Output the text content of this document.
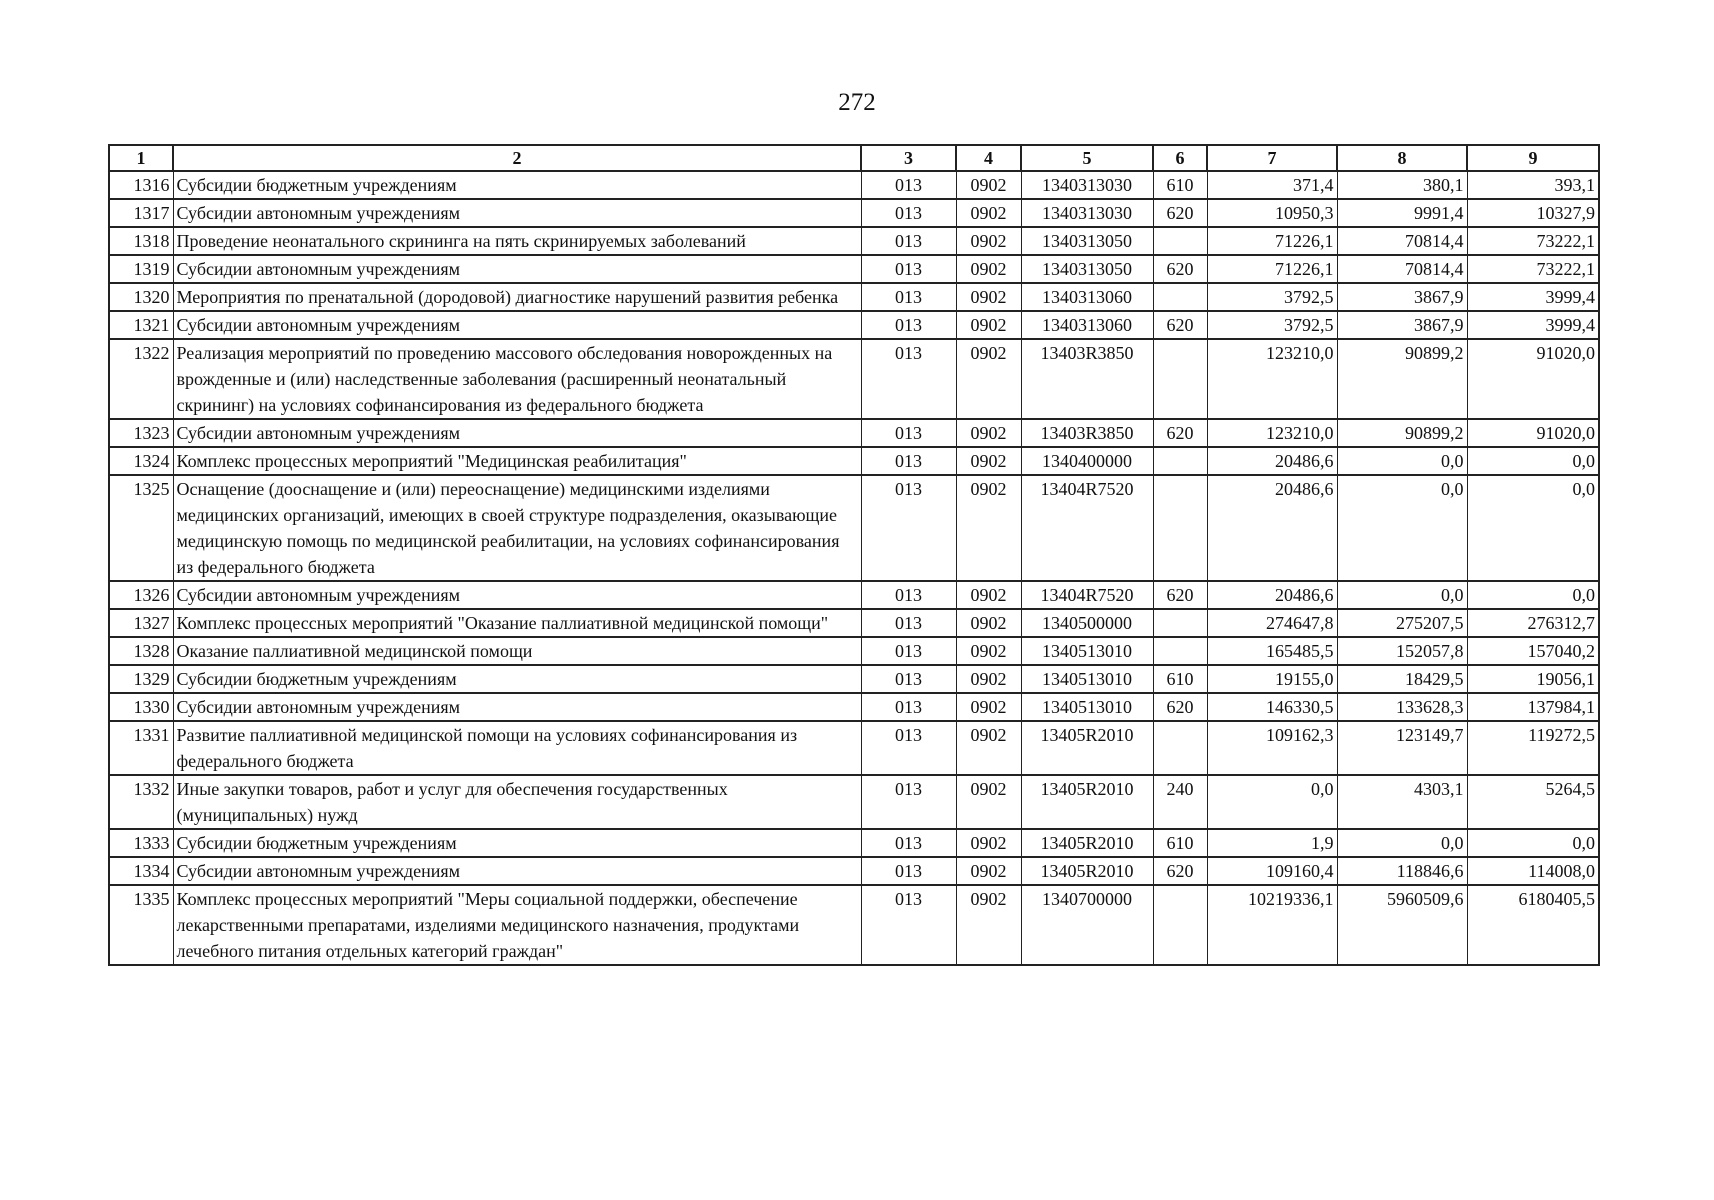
272
1	2	3	4	5	6	7	8	9
1316	Субсидии бюджетным учреждениям	013	0902	1340313030	610	371,4	380,1	393,1
1317	Субсидии автономным учреждениям	013	0902	1340313030	620	10950,3	9991,4	10327,9
1318	Проведение неонатального скрининга на пять скринируемых заболеваний	013	0902	1340313050		71226,1	70814,4	73222,1
1319	Субсидии автономным учреждениям	013	0902	1340313050	620	71226,1	70814,4	73222,1
1320	Мероприятия по пренатальной (дородовой) диагностике нарушений развития ребенка	013	0902	1340313060		3792,5	3867,9	3999,4
1321	Субсидии автономным учреждениям	013	0902	1340313060	620	3792,5	3867,9	3999,4
1322	Реализация мероприятий по проведению массового обследования новорожденных на врожденные и (или) наследственные заболевания (расширенный неонатальный скрининг) на условиях софинансирования из федерального бюджета	013	0902	13403R3850		123210,0	90899,2	91020,0
1323	Субсидии автономным учреждениям	013	0902	13403R3850	620	123210,0	90899,2	91020,0
1324	Комплекс процессных мероприятий "Медицинская реабилитация"	013	0902	1340400000		20486,6	0,0	0,0
1325	Оснащение (дооснащение и (или) переоснащение) медицинскими изделиями медицинских организаций, имеющих в своей структуре подразделения, оказывающие медицинскую помощь по медицинской реабилитации, на условиях софинансирования из федерального бюджета	013	0902	13404R7520		20486,6	0,0	0,0
1326	Субсидии автономным учреждениям	013	0902	13404R7520	620	20486,6	0,0	0,0
1327	Комплекс процессных мероприятий "Оказание паллиативной медицинской помощи"	013	0902	1340500000		274647,8	275207,5	276312,7
1328	Оказание паллиативной медицинской помощи	013	0902	1340513010		165485,5	152057,8	157040,2
1329	Субсидии бюджетным учреждениям	013	0902	1340513010	610	19155,0	18429,5	19056,1
1330	Субсидии автономным учреждениям	013	0902	1340513010	620	146330,5	133628,3	137984,1
1331	Развитие паллиативной медицинской помощи на условиях софинансирования из федерального бюджета	013	0902	13405R2010		109162,3	123149,7	119272,5
1332	Иные закупки товаров, работ и услуг для обеспечения государственных (муниципальных) нужд	013	0902	13405R2010	240	0,0	4303,1	5264,5
1333	Субсидии бюджетным учреждениям	013	0902	13405R2010	610	1,9	0,0	0,0
1334	Субсидии автономным учреждениям	013	0902	13405R2010	620	109160,4	118846,6	114008,0
1335	Комплекс процессных мероприятий "Меры социальной поддержки, обеспечение лекарственными препаратами, изделиями медицинского назначения, продуктами лечебного питания отдельных категорий граждан"	013	0902	1340700000		10219336,1	5960509,6	6180405,5
